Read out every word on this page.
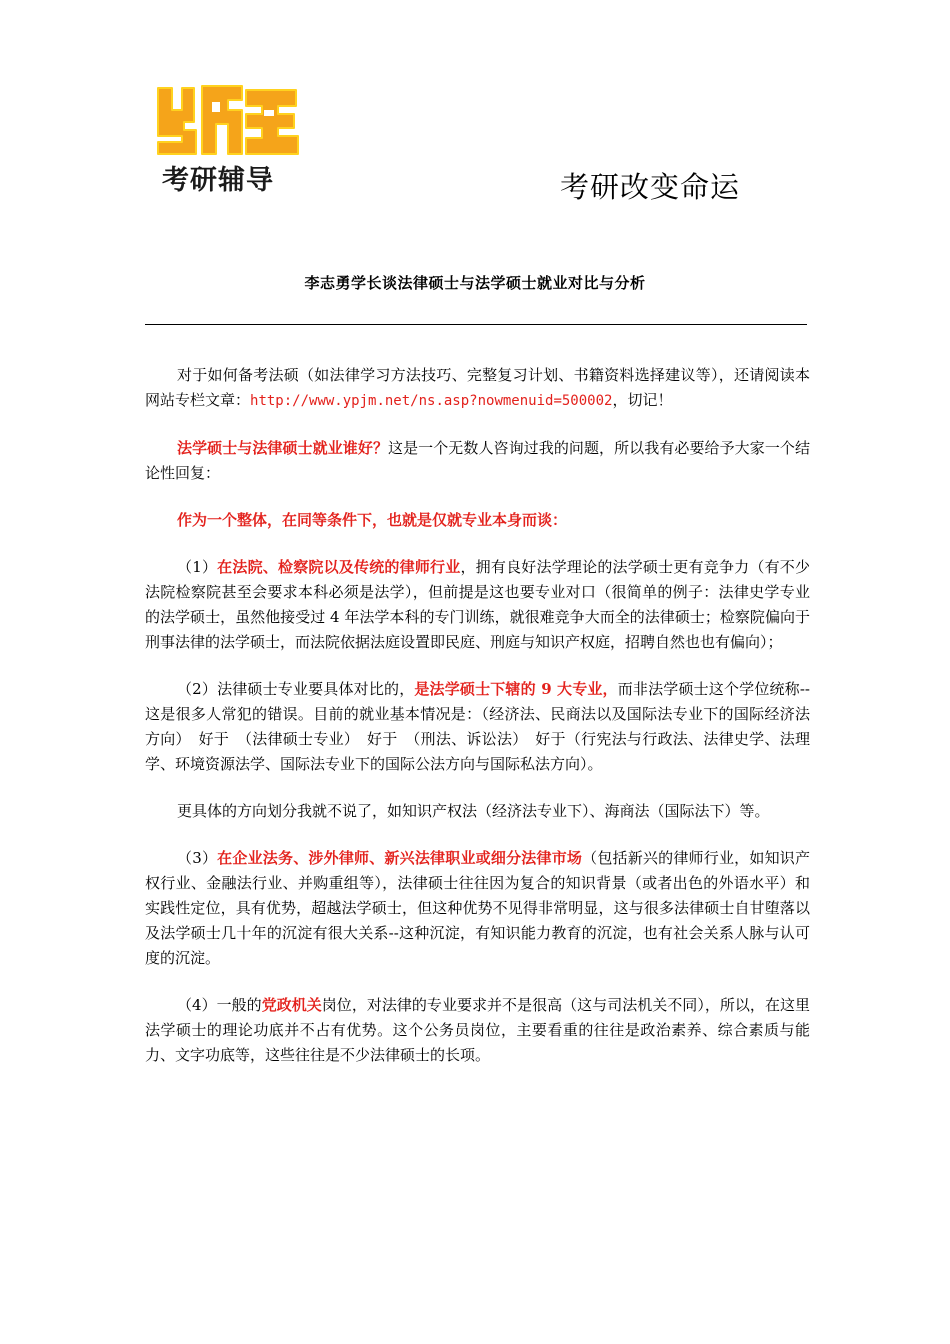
考研辅导	考研改变命运
李志勇学长谈法律硕士与法学硕士就业对比与分析

对于如何备考法硕（如法律学习方法技巧、完整复习计划、书籍资料选择建议等），还请阅读本网站专栏文章：http://www.ypjm.net/ns.asp?nowmenuid=500002，切记！

法学硕士与法律硕士就业谁好？这是一个无数人咨询过我的问题，所以我有必要给予大家一个结论性回复：

作为一个整体，在同等条件下，也就是仅就专业本身而谈：

（1）在法院、检察院以及传统的律师行业，拥有良好法学理论的法学硕士更有竞争力（有不少法院检察院甚至会要求本科必须是法学），但前提是这也要专业对口（很简单的例子：法律史学专业的法学硕士，虽然他接受过 4 年法学本科的专门训练，就很难竞争大而全的法律硕士；检察院偏向于刑事法律的法学硕士，而法院依据法庭设置即民庭、刑庭与知识产权庭，招聘自然也也有偏向）；

（2）法律硕士专业要具体对比的，是法学硕士下辖的 9 大专业，而非法学硕士这个学位统称--这是很多人常犯的错误。目前的就业基本情况是：（经济法、民商法以及国际法专业下的国际经济法方向）　好于　（法律硕士专业）　好于　（刑法、诉讼法）　好于（行宪法与行政法、法律史学、法理学、环境资源法学、国际法专业下的国际公法方向与国际私法方向）。

更具体的方向划分我就不说了，如知识产权法（经济法专业下）、海商法（国际法下）等。

（3）在企业法务、涉外律师、新兴法律职业或细分法律市场（包括新兴的律师行业，如知识产权行业、金融法行业、并购重组等），法律硕士往往因为复合的知识背景（或者出色的外语水平）和实践性定位，具有优势，超越法学硕士，但这种优势不见得非常明显，这与很多法律硕士自甘堕落以及法学硕士几十年的沉淀有很大关系--这种沉淀，有知识能力教育的沉淀，也有社会关系人脉与认可度的沉淀。

（4）一般的党政机关岗位，对法律的专业要求并不是很高（这与司法机关不同），所以，在这里法学硕士的理论功底并不占有优势。这个公务员岗位，主要看重的往往是政治素养、综合素质与能力、文字功底等，这些往往是不少法律硕士的长项。
